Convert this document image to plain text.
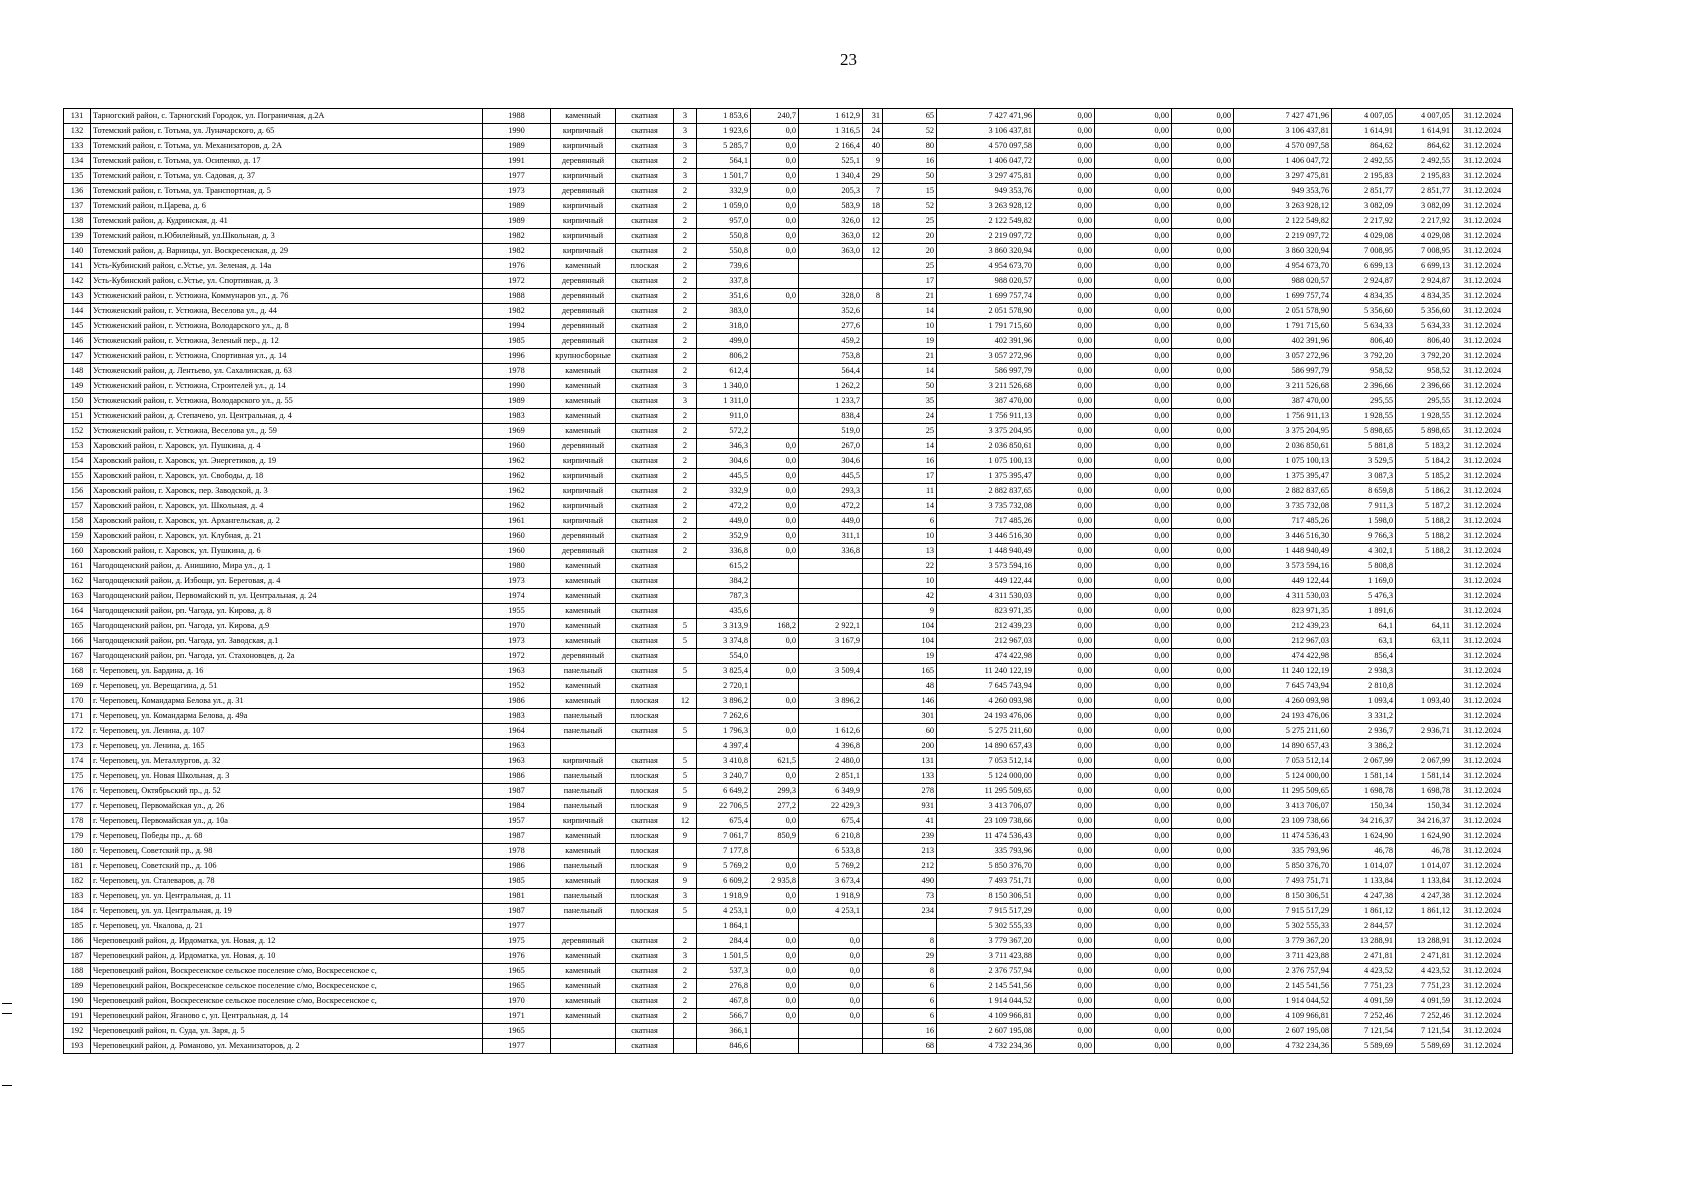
23
131	Тарногский район, с. Тарногский Городок, ул. Пограничная, д.2А	1988	каменный	скатная	3	1 853,6	240,7	1 612,9	31	65	7 427 471,96	0,00	0,00	0,00	7 427 471,96	4 007,05	4 007,05	31.12.2024
132	Тотемский район, г. Тотьма, ул. Луначарского, д. 65	1990	кирпичный	скатная	3	1 923,6	0,0	1 316,5	24	52	3 106 437,81	0,00	0,00	0,00	3 106 437,81	1 614,91	1 614,91	31.12.2024
133	Тотемский район, г. Тотьма, ул. Механизаторов, д. 2А	1989	кирпичный	скатная	3	5 285,7	0,0	2 166,4	40	80	4 570 097,58	0,00	0,00	0,00	4 570 097,58	864,62	864,62	31.12.2024
134	Тотемский район, г. Тотьма, ул. Осипенко, д. 17	1991	деревянный	скатная	2	564,1	0,0	525,1	9	16	1 406 047,72	0,00	0,00	0,00	1 406 047,72	2 492,55	2 492,55	31.12.2024
135	Тотемский район, г. Тотьма, ул. Садовая, д. 37	1977	кирпичный	скатная	3	1 501,7	0,0	1 340,4	29	50	3 297 475,81	0,00	0,00	0,00	3 297 475,81	2 195,83	2 195,83	31.12.2024
136	Тотемский район, г. Тотьма, ул. Транспортная, д. 5	1973	деревянный	скатная	2	332,9	0,0	205,3	7	15	949 353,76	0,00	0,00	0,00	949 353,76	2 851,77	2 851,77	31.12.2024
137	Тотемский район, п.Царева, д. 6	1989	кирпичный	скатная	2	1 059,0	0,0	583,9	18	52	3 263 928,12	0,00	0,00	0,00	3 263 928,12	3 082,09	3 082,09	31.12.2024
138	Тотемский район, д. Кудринская, д. 41	1989	кирпичный	скатная	2	957,0	0,0	326,0	12	25	2 122 549,82	0,00	0,00	0,00	2 122 549,82	2 217,92	2 217,92	31.12.2024
139	Тотемский район, п.Юбилейный, ул.Школьная, д. 3	1982	кирпичный	скатная	2	550,8	0,0	363,0	12	20	2 219 097,72	0,00	0,00	0,00	2 219 097,72	4 029,08	4 029,08	31.12.2024
140	Тотемский район, д. Варницы, ул. Воскресенская, д. 29	1982	кирпичный	скатная	2	550,8	0,0	363,0	12	20	3 860 320,94	0,00	0,00	0,00	3 860 320,94	7 008,95	7 008,95	31.12.2024
141	Усть-Кубинский район, с.Устье, ул. Зеленая, д. 14а	1976	каменный	плоская	2	739,6				25	4 954 673,70	0,00	0,00	0,00	4 954 673,70	6 699,13	6 699,13	31.12.2024
142	Усть-Кубинский район, с.Устье, ул. Спортивная, д. 3	1972	деревянный	скатная	2	337,8				17	988 020,57	0,00	0,00	0,00	988 020,57	2 924,87	2 924,87	31.12.2024
143	Устюженский район, г. Устюжна, Коммунаров ул., д. 76	1988	деревянный	скатная	2	351,6	0,0	328,0	8	21	1 699 757,74	0,00	0,00	0,00	1 699 757,74	4 834,35	4 834,35	31.12.2024
144	Устюженский район, г. Устюжна, Веселова ул., д. 44	1982	деревянный	скатная	2	383,0		352,6		14	2 051 578,90	0,00	0,00	0,00	2 051 578,90	5 356,60	5 356,60	31.12.2024
145	Устюженский район, г. Устюжна, Володарского ул., д. 8	1994	деревянный	скатная	2	318,0		277,6		10	1 791 715,60	0,00	0,00	0,00	1 791 715,60	5 634,33	5 634,33	31.12.2024
146	Устюженский район, г. Устюжна, Зеленый пер., д. 12	1985	деревянный	скатная	2	499,0		459,2		19	402 391,96	0,00	0,00	0,00	402 391,96	806,40	806,40	31.12.2024
147	Устюженский район, г. Устюжна, Спортивная ул., д. 14	1996	крупносборные	скатная	2	806,2		753,8		21	3 057 272,96	0,00	0,00	0,00	3 057 272,96	3 792,20	3 792,20	31.12.2024
148	Устюженский район, д. Лентьево, ул. Сахалинская, д. 63	1978	каменный	скатная	2	612,4		564,4		14	586 997,79	0,00	0,00	0,00	586 997,79	958,52	958,52	31.12.2024
149	Устюженский район, г. Устюжна, Строителей ул., д. 14	1990	каменный	скатная	3	1 340,0		1 262,2		50	3 211 526,68	0,00	0,00	0,00	3 211 526,68	2 396,66	2 396,66	31.12.2024
150	Устюженский район, г. Устюжна, Володарского ул., д. 55	1989	каменный	скатная	3	1 311,0		1 233,7		35	387 470,00	0,00	0,00	0,00	387 470,00	295,55	295,55	31.12.2024
151	Устюженский район, д. Степачево, ул. Центральная, д. 4	1983	каменный	скатная	2	911,0		838,4		24	1 756 911,13	0,00	0,00	0,00	1 756 911,13	1 928,55	1 928,55	31.12.2024
152	Устюженский район, г. Устюжна, Веселова ул., д. 59	1969	каменный	скатная	2	572,2		519,0		25	3 375 204,95	0,00	0,00	0,00	3 375 204,95	5 898,65	5 898,65	31.12.2024
153	Харовский район, г. Харовск, ул. Пушкина, д. 4	1960	деревянный	скатная	2	346,3	0,0	267,0		14	2 036 850,61	0,00	0,00	0,00	2 036 850,61	5 881,8	5 183,2	31.12.2024
154	Харовский район, г. Харовск, ул. Энергетиков, д. 19	1962	кирпичный	скатная	2	304,6	0,0	304,6		16	1 075 100,13	0,00	0,00	0,00	1 075 100,13	3 529,5	5 184,2	31.12.2024
155	Харовский район, г. Харовск, ул. Свободы, д. 18	1962	кирпичный	скатная	2	445,5	0,0	445,5		17	1 375 395,47	0,00	0,00	0,00	1 375 395,47	3 087,3	5 185,2	31.12.2024
156	Харовский район, г. Харовск, пер. Заводской, д. 3	1962	кирпичный	скатная	2	332,9	0,0	293,3		11	2 882 837,65	0,00	0,00	0,00	2 882 837,65	8 659,8	5 186,2	31.12.2024
157	Харовский район, г. Харовск, ул. Школьная, д. 4	1962	кирпичный	скатная	2	472,2	0,0	472,2		14	3 735 732,08	0,00	0,00	0,00	3 735 732,08	7 911,3	5 187,2	31.12.2024
158	Харовский район, г. Харовск, ул. Архангельская, д. 2	1961	кирпичный	скатная	2	449,0	0,0	449,0		6	717 485,26	0,00	0,00	0,00	717 485,26	1 598,0	5 188,2	31.12.2024
159	Харовский район, г. Харовск, ул. Клубная, д. 21	1960	деревянный	скатная	2	352,9	0,0	311,1		10	3 446 516,30	0,00	0,00	0,00	3 446 516,30	9 766,3	5 188,2	31.12.2024
160	Харовский район, г. Харовск, ул. Пушкина, д. 6	1960	деревянный	скатная	2	336,8	0,0	336,8		13	1 448 940,49	0,00	0,00	0,00	1 448 940,49	4 302,1	5 188,2	31.12.2024
161	Чагодощенский район, д. Анишино, Мира ул., д. 1	1980	каменный	скатная		615,2				22	3 573 594,16	0,00	0,00	0,00	3 573 594,16	5 808,8		31.12.2024
162	Чагодощенский район, д. Избощи, ул. Береговая, д. 4	1973	каменный	скатная		384,2				10	449 122,44	0,00	0,00	0,00	449 122,44	1 169,0		31.12.2024
163	Чагодощенский район, Первомайский п, ул. Центральная, д. 24	1974	каменный	скатная		787,3				42	4 311 530,03	0,00	0,00	0,00	4 311 530,03	5 476,3		31.12.2024
164	Чагодощенский район, рп. Чагода, ул. Кирова, д. 8	1955	каменный	скатная		435,6				9	823 971,35	0,00	0,00	0,00	823 971,35	1 891,6		31.12.2024
165	Чагодощенский район, рп. Чагода, ул. Кирова, д.9	1970	каменный	скатная	5	3 313,9	168,2	2 922,1		104	212 439,23	0,00	0,00	0,00	212 439,23	64,1	64,11	31.12.2024
166	Чагодощенский район, рп. Чагода, ул. Заводская, д.1	1973	каменный	скатная	5	3 374,8	0,0	3 167,9		104	212 967,03	0,00	0,00	0,00	212 967,03	63,1	63,11	31.12.2024
167	Чагодощенский район, рп. Чагода, ул. Стахоновцев, д. 2а	1972	деревянный	скатная		554,0				19	474 422,98	0,00	0,00	0,00	474 422,98	856,4		31.12.2024
168	г. Череповец, ул. Бардина, д. 16	1963	панельный	скатная	5	3 825,4	0,0	3 509,4		165	11 240 122,19	0,00	0,00	0,00	11 240 122,19	2 938,3		31.12.2024
169	г. Череповец, ул. Верещагина, д. 51	1952	каменный	скатная		2 720,1				48	7 645 743,94	0,00	0,00	0,00	7 645 743,94	2 810,8		31.12.2024
170	г. Череповец, Командарма Белова ул., д. 31	1986	каменный	плоская	12	3 896,2	0,0	3 896,2		146	4 260 093,98	0,00	0,00	0,00	4 260 093,98	1 093,4	1 093,40	31.12.2024
171	г. Череповец, ул. Командарма Белова, д. 49а	1983	панельный	плоская		7 262,6				301	24 193 476,06	0,00	0,00	0,00	24 193 476,06	3 331,2		31.12.2024
172	г. Череповец, ул. Ленина, д. 107	1964	панельный	скатная	5	1 796,3	0,0	1 612,6		60	5 275 211,60	0,00	0,00	0,00	5 275 211,60	2 936,7	2 936,71	31.12.2024
173	г. Череповец, ул. Ленина, д. 165	1963				4 397,4		4 396,8		200	14 890 657,43	0,00	0,00	0,00	14 890 657,43	3 386,2		31.12.2024
174	г. Череповец, ул. Металлургов, д. 32	1963	кирпичный	скатная	5	3 410,8	621,5	2 480,0		131	7 053 512,14	0,00	0,00	0,00	7 053 512,14	2 067,99	2 067,99	31.12.2024
175	г. Череповец, ул. Новая Школьная, д. 3	1986	панельный	плоская	5	3 240,7	0,0	2 851,1		133	5 124 000,00	0,00	0,00	0,00	5 124 000,00	1 581,14	1 581,14	31.12.2024
176	г. Череповец, Октябрьский пр., д. 52	1987	панельный	плоская	5	6 649,2	299,3	6 349,9		278	11 295 509,65	0,00	0,00	0,00	11 295 509,65	1 698,78	1 698,78	31.12.2024
177	г. Череповец, Первомайская ул., д. 26	1984	панельный	плоская	9	22 706,5	277,2	22 429,3		931	3 413 706,07	0,00	0,00	0,00	3 413 706,07	150,34	150,34	31.12.2024
178	г. Череповец, Первомайская ул., д. 10а	1957	кирпичный	скатная	12	675,4	0,0	675,4		41	23 109 738,66	0,00	0,00	0,00	23 109 738,66	34 216,37	34 216,37	31.12.2024
179	г. Череповец, Победы пр., д. 68	1987	каменный	плоская	9	7 061,7	850,9	6 210,8		239	11 474 536,43	0,00	0,00	0,00	11 474 536,43	1 624,90	1 624,90	31.12.2024
180	г. Череповец, Советский пр., д. 98	1978	каменный	плоская		7 177,8		6 533,8		213	335 793,96	0,00	0,00	0,00	335 793,96	46,78	46,78	31.12.2024
181	г. Череповец, Советский пр., д. 106	1986	панельный	плоская	9	5 769,2	0,0	5 769,2		212	5 850 376,70	0,00	0,00	0,00	5 850 376,70	1 014,07	1 014,07	31.12.2024
182	г. Череповец, ул. Сталеваров, д. 78	1985	каменный	плоская	9	6 609,2	2 935,8	3 673,4		490	7 493 751,71	0,00	0,00	0,00	7 493 751,71	1 133,84	1 133,84	31.12.2024
183	г. Череповец, ул. ул. Центральная, д. 11	1981	панельный	плоская	3	1 918,9	0,0	1 918,9		73	8 150 306,51	0,00	0,00	0,00	8 150 306,51	4 247,38	4 247,38	31.12.2024
184	г. Череповец, ул. ул. Центральная, д. 19	1987	панельный	плоская	5	4 253,1	0,0	4 253,1		234	7 915 517,29	0,00	0,00	0,00	7 915 517,29	1 861,12	1 861,12	31.12.2024
185	г. Череповец, ул. Чкалова, д. 21	1977				1 864,1					5 302 555,33	0,00	0,00	0,00	5 302 555,33	2 844,57		31.12.2024
186	Череповецкий район, д. Ирдоматка, ул. Новая, д. 12	1975	деревянный	скатная	2	284,4	0,0	0,0		8	3 779 367,20	0,00	0,00	0,00	3 779 367,20	13 288,91	13 288,91	31.12.2024
187	Череповецкий район, д. Ирдоматка, ул. Новая, д. 10	1976	каменный	скатная	3	1 501,5	0,0	0,0		29	3 711 423,88	0,00	0,00	0,00	3 711 423,88	2 471,81	2 471,81	31.12.2024
188	Череповецкий район, Воскресенское сельское поселение с/мо, Воскресенское с,	1965	каменный	скатная	2	537,3	0,0	0,0		8	2 376 757,94	0,00	0,00	0,00	2 376 757,94	4 423,52	4 423,52	31.12.2024
189	Череповецкий район, Воскресенское сельское поселение с/мо, Воскресенское с,	1965	каменный	скатная	2	276,8	0,0	0,0		6	2 145 541,56	0,00	0,00	0,00	2 145 541,56	7 751,23	7 751,23	31.12.2024
190	Череповецкий район, Воскресенское сельское поселение с/мо, Воскресенское с,	1970	каменный	скатная	2	467,8	0,0	0,0		6	1 914 044,52	0,00	0,00	0,00	1 914 044,52	4 091,59	4 091,59	31.12.2024
191	Череповецкий район, Яганово с, ул. Центральная, д. 14	1971	каменный	скатная	2	566,7	0,0	0,0		6	4 109 966,81	0,00	0,00	0,00	4 109 966,81	7 252,46	7 252,46	31.12.2024
192	Череповецкий район, п. Суда, ул. Заря, д. 5	1965		скатная		366,1				16	2 607 195,08	0,00	0,00	0,00	2 607 195,08	7 121,54	7 121,54	31.12.2024
193	Череповецкий район, д. Романово, ул. Механизаторов, д. 2	1977		скатная		846,6				68	4 732 234,36	0,00	0,00	0,00	4 732 234,36	5 589,69	5 589,69	31.12.2024
